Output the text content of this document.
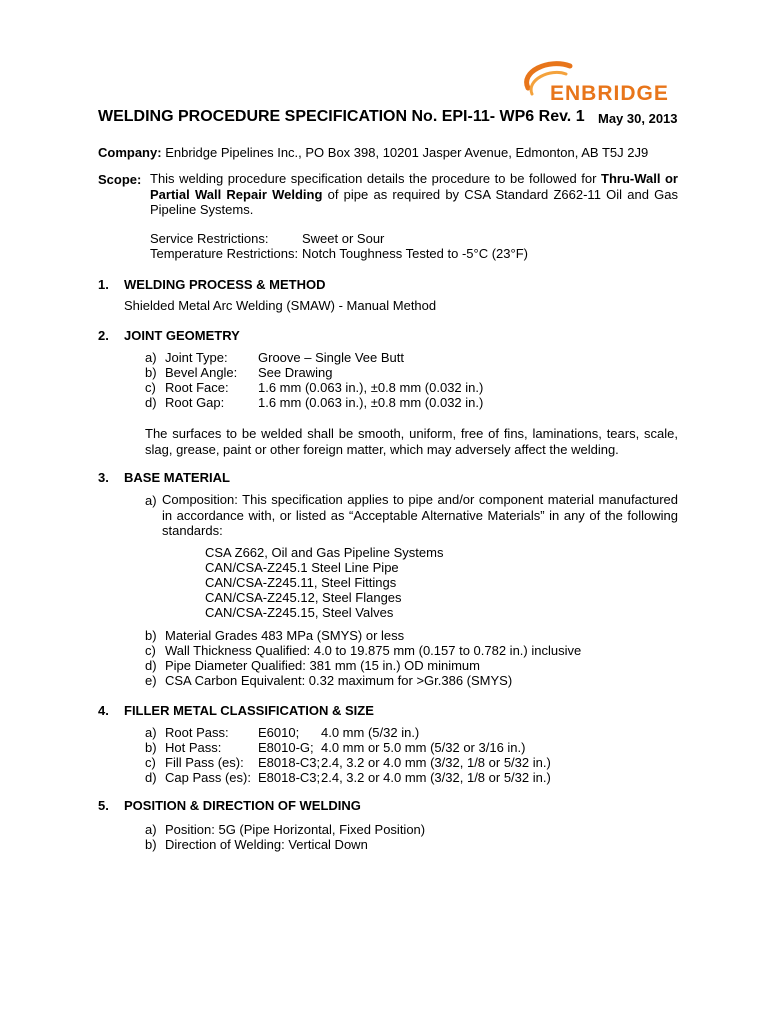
ENBRIDGE
WELDING PROCEDURE SPECIFICATION No. EPI-11- WP6 Rev. 1 May 30, 2013
Company: Enbridge Pipelines Inc., PO Box 398, 10201 Jasper Avenue, Edmonton, AB T5J 2J9
Scope: This welding procedure specification details the procedure to be followed for Thru-Wall or Partial Wall Repair Welding of pipe as required by CSA Standard Z662-11 Oil and Gas Pipeline Systems.
Service Restrictions:	Sweet or Sour
Temperature Restrictions: Notch Toughness Tested to -5°C (23°F)
1. WELDING PROCESS & METHOD
Shielded Metal Arc Welding (SMAW) - Manual Method
2. JOINT GEOMETRY
a) Joint Type: Groove – Single Vee Butt
b) Bevel Angle: See Drawing
c) Root Face: 1.6 mm (0.063 in.), ±0.8 mm (0.032 in.)
d) Root Gap:	1.6 mm (0.063 in.), ±0.8 mm (0.032 in.)
The surfaces to be welded shall be smooth, uniform, free of fins, laminations, tears, scale, slag, grease, paint or other foreign matter, which may adversely affect the welding.
3. BASE MATERIAL
a) Composition: This specification applies to pipe and/or component material manufactured in accordance with, or listed as “Acceptable Alternative Materials” in any of the following standards:
CSA Z662, Oil and Gas Pipeline Systems
CAN/CSA-Z245.1 Steel Line Pipe
CAN/CSA-Z245.11, Steel Fittings
CAN/CSA-Z245.12, Steel Flanges
CAN/CSA-Z245.15, Steel Valves
b) Material Grades 483 MPa (SMYS) or less
c) Wall Thickness Qualified: 4.0 to 19.875 mm (0.157 to 0.782 in.) inclusive
d) Pipe Diameter Qualified: 381 mm (15 in.) OD minimum
e) CSA Carbon Equivalent: 0.32 maximum for >Gr.386 (SMYS)
4. FILLER METAL CLASSIFICATION & SIZE
a) Root Pass: E6010; 4.0 mm (5/32 in.)
b) Hot Pass:	E8010-G; 4.0 mm or 5.0 mm (5/32 or 3/16 in.)
c) Fill Pass (es): E8018-C3; 2.4, 3.2 or 4.0 mm (3/32, 1/8 or 5/32 in.)
d) Cap Pass (es): E8018-C3; 2.4, 3.2 or 4.0 mm (3/32, 1/8 or 5/32 in.)
5. POSITION & DIRECTION OF WELDING
a) Position: 5G (Pipe Horizontal, Fixed Position)
b) Direction of Welding: Vertical Down
